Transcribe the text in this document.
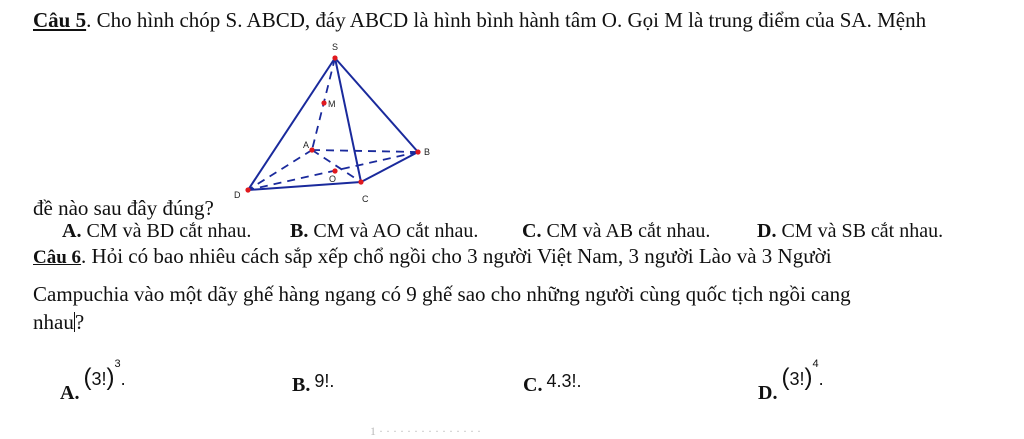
Câu 5. Cho hình chóp S. ABCD, đáy ABCD là hình bình hành tâm O. Gọi M là trung điểm của SA. Mệnh
đề nào sau đây đúng?
S
M
A
B
O
C
D
A. CM và BD cắt nhau. B. CM và AO cắt nhau. C. CM và AB cắt nhau. D. CM và SB cắt nhau.
Câu 6. Hỏi có bao nhiêu cách sắp xếp chổ ngồi cho 3 người Việt Nam, 3 người Lào và 3 Người
Campuchia vào một dãy ghế hàng ngang có 9 ghế sao cho những người cùng quốc tịch ngồi cang
nhau?
A. $(3!)^3$.	B. 9!.	C. 4.3!.
D. $(3!)^4$.
1 · · · · · · · · · · · · · · ·
